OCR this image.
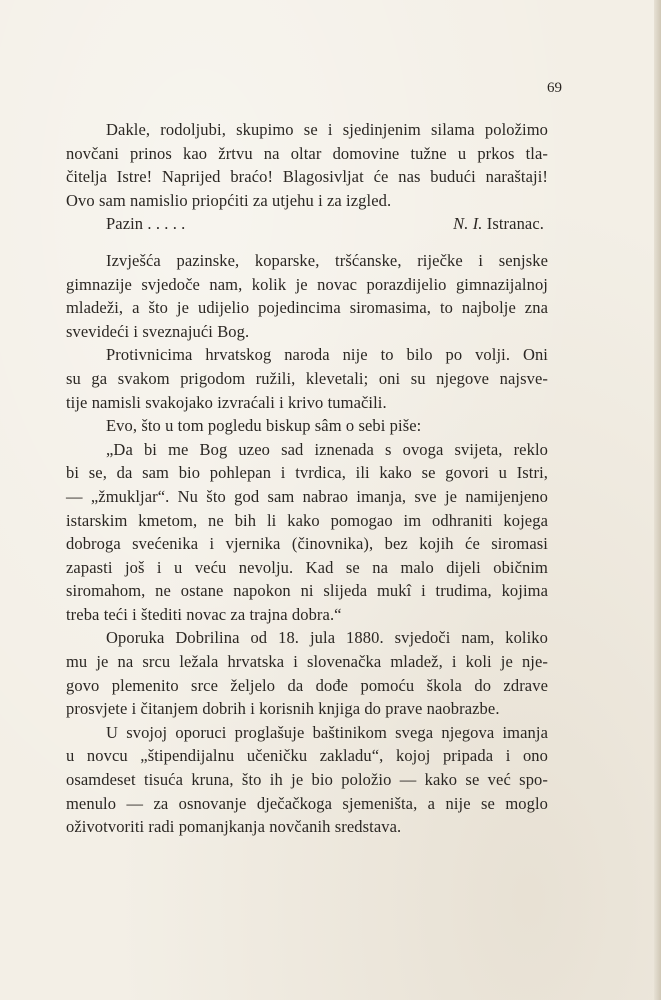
69
Dakle, rodoljubi, skupimo se i sjedinjenim silama položimo
novčani prinos kao žrtvu na oltar domovine tužne u prkos tla-
čitelja Istre! Naprijed braćo! Blagosivljat će nas budući naraštaji!
Ovo sam namislio priopćiti za utjehu i za izgled.
Pazin . . . . .	N. I. Istranac.
Izvješća pazinske, koparske, tršćanske, riječke i senjske
gimnazije svjedoče nam, kolik je novac porazdijelio gimnazijalnoj
mladeži, a što je udijelio pojedincima siromasima, to najbolje zna
svevideći i sveznajući Bog.
Protivnicima hrvatskog naroda nije to bilo po volji. Oni
su ga svakom prigodom ružili, klevetali; oni su njegove najsve-
tije namisli svakojako izvraćali i krivo tumačili.
Evo, što u tom pogledu biskup sâm o sebi piše:
„Da bi me Bog uzeo sad iznenada s ovoga svijeta, reklo
bi se, da sam bio pohlepan i tvrdica, ili kako se govori u Istri,
— „žmukljar“. Nu što god sam nabrao imanja, sve je namijenjeno
istarskim kmetom, ne bih li kako pomogao im odhraniti kojega
dobroga svećenika i vjernika (činovnika), bez kojih će siromasi
zapasti još i u veću nevolju. Kad se na malo dijeli običnim
siromahom, ne ostane napokon ni slijeda mukî i trudima, kojima
treba teći i štediti novac za trajna dobra.“
Oporuka Dobrilina od 18. jula 1880. svjedoči nam, koliko
mu je na srcu ležala hrvatska i slovenačka mladež, i koli je nje-
govo plemenito srce željelo da dođe pomoću škola do zdrave
prosvjete i čitanjem dobrih i korisnih knjiga do prave naobrazbe.
U svojoj oporuci proglašuje baštinikom svega njegova imanja
u novcu „štipendijalnu učeničku zakladu“, kojoj pripada i ono
osamdeset tisuća kruna, što ih je bio položio — kako se već spo-
menulo — za osnovanje dječačkoga sjemeništa, a nije se moglo
oživotvoriti radi pomanjkanja novčanih sredstava.
